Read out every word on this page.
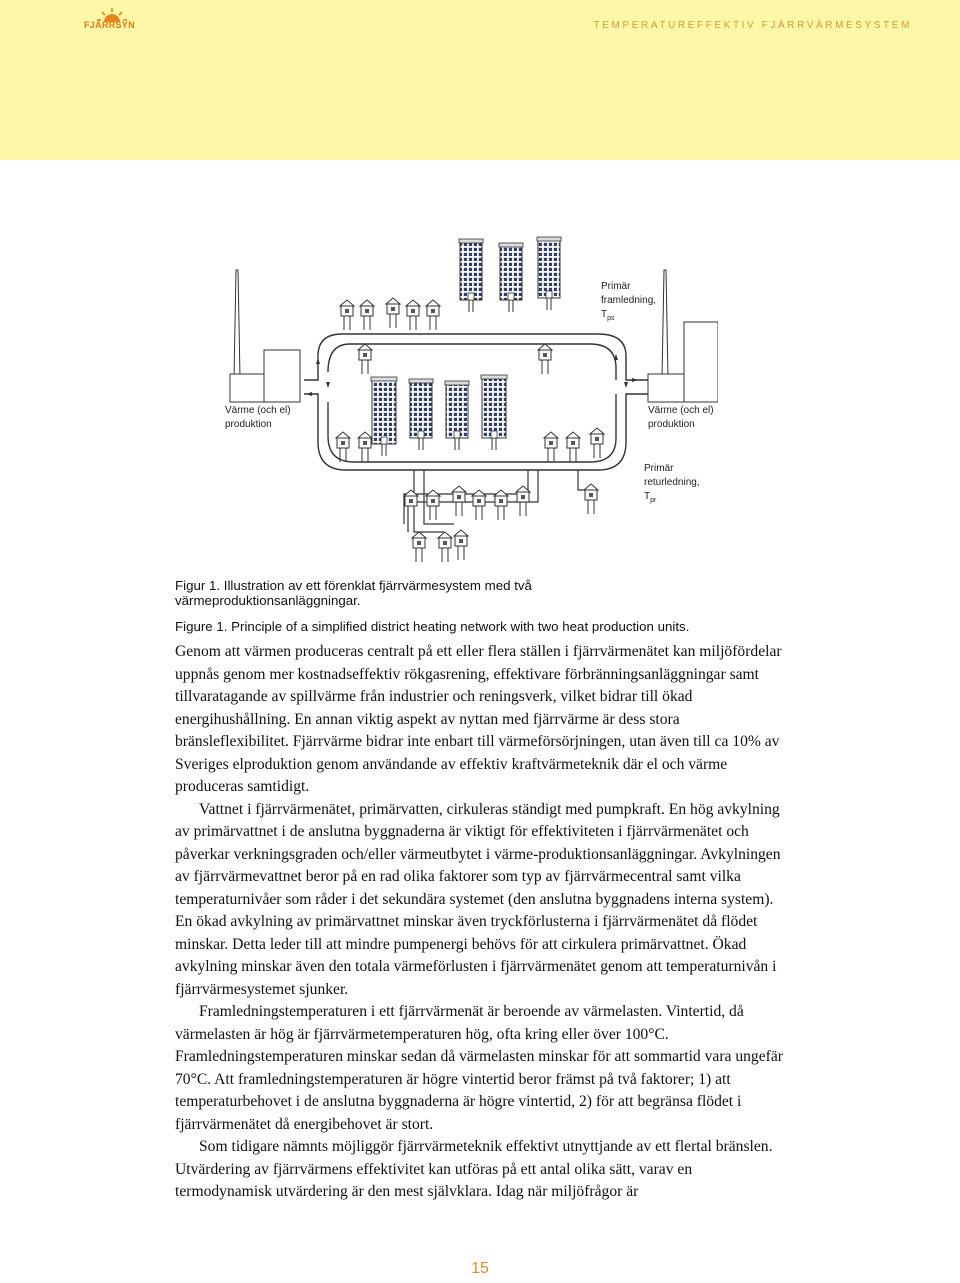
FJÄRRSYN	TEMPERATUREFFEKTIV FJÄRRVÄRMESYSTEM
Primär
framledning,
$T_{ps}$
Värme (och el)
produktion
Värme (och el)
produktion
Primär
returledning,
$T_{pr}$
Figur 1. Illustration av ett förenklat fjärrvärmesystem med två
värmeproduktionsanläggningar.
Figure 1. Principle of a simplified district heating network with two heat production units.

Genom att värmen produceras centralt på ett eller flera ställen i fjärrvärmenätet kan miljöfördelar uppnås genom mer kostnadseffektiv rökgasrening, effektivare förbränningsanläggningar samt tillvaratagande av spillvärme från industrier och reningsverk, vilket bidrar till ökad energihushållning. En annan viktig aspekt av nyttan med fjärrvärme är dess stora bränsleflexibilitet. Fjärrvärme bidrar inte enbart till värmeförsörjningen, utan även till ca 10% av Sveriges elproduktion genom användande av effektiv kraftvärmeteknik där el och värme produceras samtidigt.

Vattnet i fjärrvärmenätet, primärvatten, cirkuleras ständigt med pumpkraft. En hög avkylning av primärvattnet i de anslutna byggnaderna är viktigt för effektiviteten i fjärrvärmenätet och påverkar verkningsgraden och/eller värmeutbytet i värme-produktionsanläggningar. Avkylningen av fjärrvärmevattnet beror på en rad olika faktorer som typ av fjärrvärmecentral samt vilka temperaturnivåer som råder i det sekundära systemet (den anslutna byggnadens interna system). En ökad avkylning av primärvattnet minskar även tryckförlusterna i fjärrvärmenätet då flödet minskar. Detta leder till att mindre pumpenergi behövs för att cirkulera primärvattnet. Ökad avkylning minskar även den totala värmeförlusten i fjärrvärmenätet genom att temperaturnivån i fjärrvärmesystemet sjunker.

Framledningstemperaturen i ett fjärrvärmenät är beroende av värmelasten. Vintertid, då värmelasten är hög är fjärrvärmetemperaturen hög, ofta kring eller över 100°C. Framledningstemperaturen minskar sedan då värmelasten minskar för att sommartid vara ungefär 70°C. Att framledningstemperaturen är högre vintertid beror främst på två faktorer; 1) att temperaturbehovet i de anslutna byggnaderna är högre vintertid, 2) för att begränsa flödet i fjärrvärmenätet då energibehovet är stort.

Som tidigare nämnts möjliggör fjärrvärmeteknik effektivt utnyttjande av ett flertal bränslen. Utvärdering av fjärrvärmens effektivitet kan utföras på ett antal olika sätt, varav en termodynamisk utvärdering är den mest självklara. Idag när miljöfrågor är

15
